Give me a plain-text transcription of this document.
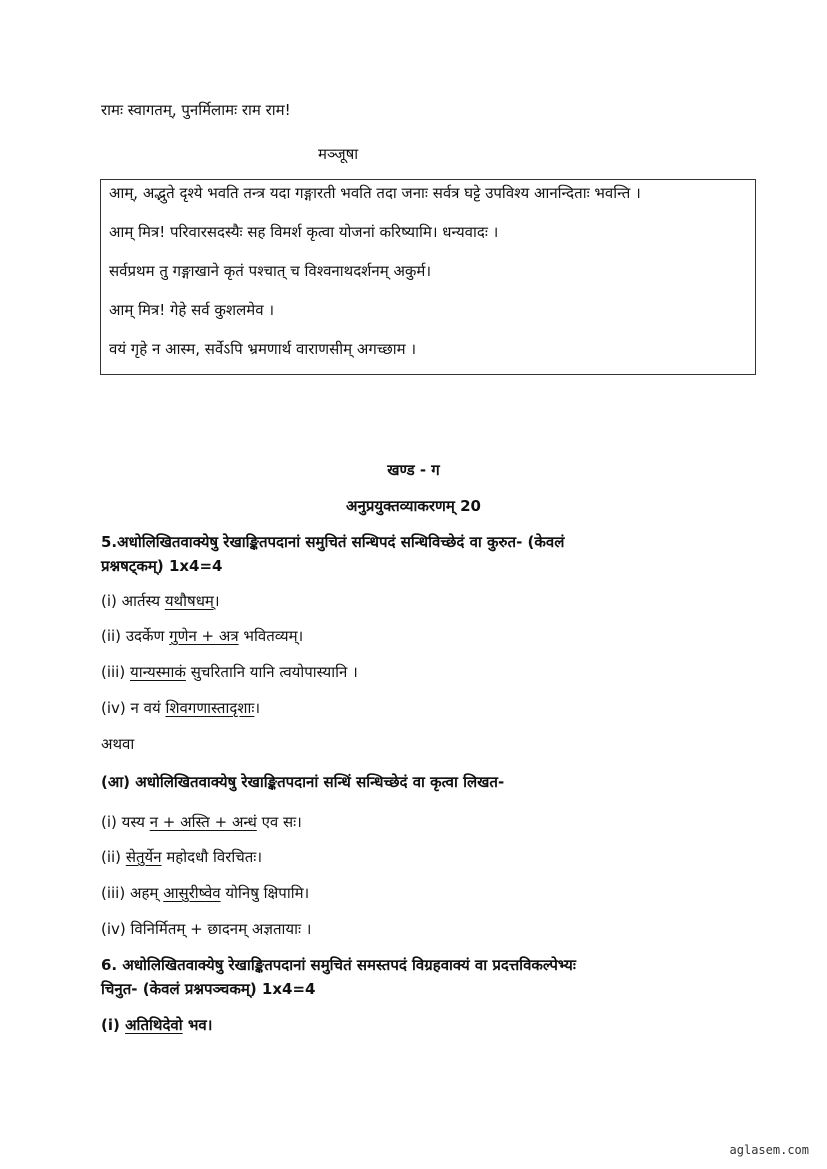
रामः स्वागतम्, पुनर्मिलामः राम राम!
मञ्जूषा
आम्, अद्भुते दृश्ये भवति तन्त्र यदा गङ्गारती भवति तदा जनाः सर्वत्र घट्टे उपविश्य आनन्दिताः भवन्ति ।
आम् मित्र! परिवारसदस्यैः सह विमर्श कृत्वा योजनां करिष्यामि। धन्यवादः ।
सर्वप्रथम तु गङ्गाखाने कृतं पश्चात् च विश्वनाथदर्शनम् अकुर्म।
आम् मित्र! गेहे सर्व कुशलमेव ।
वयं गृहे न आस्म, सर्वेऽपि भ्रमणार्थ वाराणसीम् अगच्छाम ।
खण्ड - ग
अनुप्रयुक्तव्याकरणम् 20
5.अधोलिखितवाक्येषु रेखाङ्कितपदानां समुचितं सन्धिपदं सन्धिविच्छेदं वा कुरुत- (केवलं
प्रश्नषट्कम्) 1x4=4
(i) आर्तस्य यथौषधम्।
(ii) उदर्केण गुणेन + अत्र भवितव्यम्।
(iii) यान्यस्माकं सुचरितानि यानि त्वयोपास्यानि ।
(iv) न वयं शिवगणास्तादृशाः।
अथवा
(आ) अधोलिखितवाक्येषु रेखाङ्कितपदानां सन्धिं सन्धिच्छेदं वा कृत्वा लिखत-
(i) यस्य न + अस्ति + अन्धं एव सः।
(ii) सेतुर्येन महोदधौ विरचितः।
(iii) अहम् आसुरीष्वेव योनिषु क्षिपामि।
(iv) विनिर्मितम् + छादनम् अज्ञतायाः ।
6. अधोलिखितवाक्येषु रेखाङ्कितपदानां समुचितं समस्तपदं विग्रहवाक्यं वा प्रदत्तविकल्पेभ्यः
चिनुत- (केवलं प्रश्नपञ्चकम्) 1x4=4
(i) अतिथिदेवो भव।
aglasem.com
